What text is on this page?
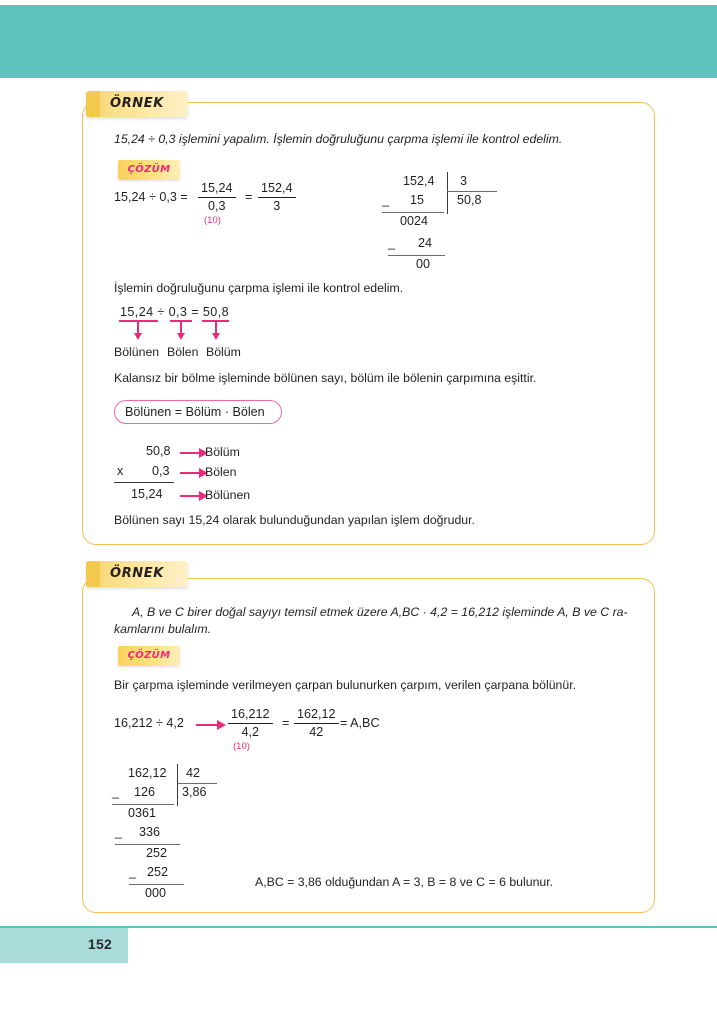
ÖRNEK
15,24 ÷ 0,3 işlemini yapalım. İşlemin doğruluğunu çarpma işlemi ile kontrol edelim.
ÇÖZÜM
15,24 ÷ 0,3 =
15,24
0,3
(10)
=
152,4
3
152,4 3
50,8
_ 15
0024
_ 24
00
İşlemin doğruluğunu çarpma işlemi ile kontrol edelim.
15,24 ÷ 0,3 = 50,8
Bölünen Bölen Bölüm
Kalansız bir bölme işleminde bölünen sayı, bölüm ile bölenin çarpımına eşittir.
Bölünen = Bölüm · Bölen
50,8	Bölüm
x 0,3	Bölen
15,24	Bölünen
Bölünen sayı 15,24 olarak bulunduğundan yapılan işlem doğrudur.
ÖRNEK
A, B ve C birer doğal sayıyı temsil etmek üzere A,BC · 4,2 = 16,212 işleminde A, B ve C ra-
kamlarını bulalım.
ÇÖZÜM
Bir çarpma işleminde verilmeyen çarpan bulunurken çarpım, verilen çarpana bölünür.
16,212 ÷ 4,2
16,212
4,2
(10)
=
162,12
42
= A,BC
162,12 42
3,86
_ 126
0361
_ 336
252
_ 252
000
A,BC = 3,86 olduğundan A = 3, B = 8 ve C = 6 bulunur.
152
